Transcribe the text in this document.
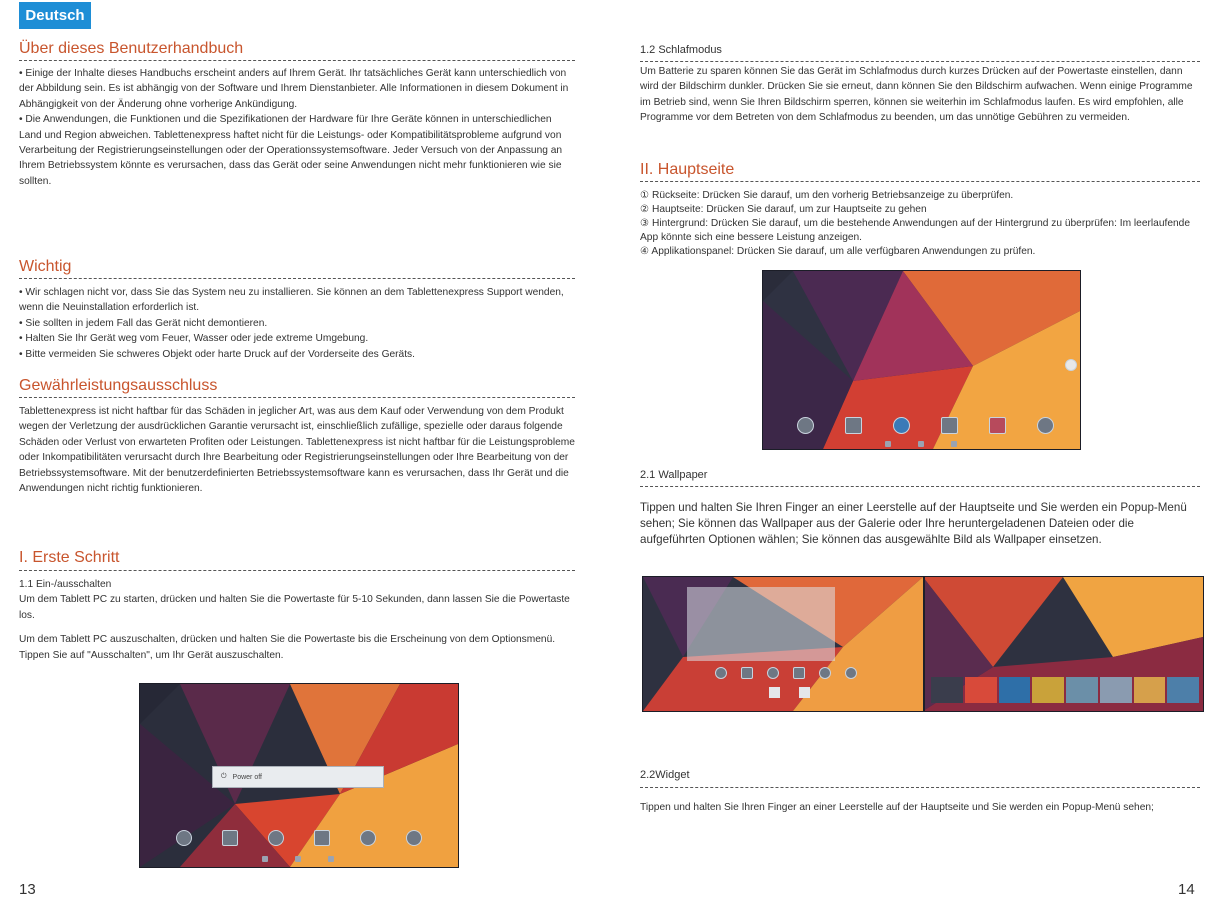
Deutsch
Über dieses Benutzerhandbuch

• Einige der Inhalte dieses Handbuchs erscheint anders auf Ihrem Gerät. Ihr tatsächliches Gerät kann unterschiedlich von der Abbildung sein. Es ist abhängig von der Software und Ihrem Dienstanbieter. Alle Informationen in diesem Dokument in Abhängigkeit von der Änderung ohne vorherige Ankündigung.

• Die Anwendungen, die Funktionen und die Spezifikationen der Hardware für Ihre Geräte können in unterschiedlichen Land und Region abweichen. Tablettenexpress haftet nicht für die Leistungs- oder Kompatibilitätsprobleme aufgrund von Verarbeitung der Registrierungseinstellungen oder der Operationssystemsoftware. Jeder Versuch von der Anpassung an Ihrem Betriebssystem könnte es verursachen, dass das Gerät oder seine Anwendungen nicht mehr funktionieren wie sie sollten.

Wichtig

• Wir schlagen nicht vor, dass Sie das System neu zu installieren. Sie können an dem Tablettenexpress Support wenden, wenn die Neuinstallation erforderlich ist.

• Sie sollten in jedem Fall das Gerät nicht demontieren.

• Halten Sie Ihr Gerät weg vom Feuer, Wasser oder jede extreme Umgebung.

• Bitte vermeiden Sie schweres Objekt oder harte Druck auf der Vorderseite des Geräts.

Gewährleistungsausschluss

Tablettenexpress ist nicht haftbar für das Schäden in jeglicher Art, was aus dem Kauf oder Verwendung von dem Produkt wegen der Verletzung der ausdrücklichen Garantie verursacht ist, einschließlich zufällige, spezielle oder daraus folgende Schäden oder Verlust von erwarteten Profiten oder Leistungen. Tablettenexpress ist nicht haftbar für die Leistungsprobleme oder Inkompatibilitäten verursacht durch Ihre Bearbeitung oder Registrierungseinstellungen oder Ihre Bearbeitung von der Betriebssystemsoftware. Mit der benutzerdefinierten Betriebssystemsoftware kann es verursachen, dass Ihr Gerät und die Anwendungen nicht richtig funktionieren.

I. Erste Schritt

1.1 Ein-/ausschalten

Um dem Tablett PC zu starten, drücken und halten Sie die Powertaste für 5-10 Sekunden, dann lassen Sie die Powertaste los.

Um dem Tablett PC auszuschalten, drücken und halten Sie die Powertaste bis die Erscheinung von dem Optionsmenü. Tippen Sie auf "Ausschalten", um Ihr Gerät auszuschalten.

⏻ Power off
13
1.2 Schlafmodus

Um Batterie zu sparen können Sie das Gerät im Schlafmodus durch kurzes Drücken auf der Powertaste einstellen, dann wird der Bildschirm dunkler. Drücken Sie sie erneut, dann können Sie den Bildschirm aufwachen. Wenn einige Programme im Betrieb sind, wenn Sie Ihren Bildschirm sperren, können sie weiterhin im Schlafmodus laufen. Es wird empfohlen, alle Programme vor dem Betreten von dem Schlafmodus zu beenden, um das unnötige Gebühren zu vermeiden.

II. Hauptseite

① Rückseite: Drücken Sie darauf, um den vorherig Betriebsanzeige zu überprüfen.

② Hauptseite: Drücken Sie darauf, um zur Hauptseite zu gehen

③ Hintergrund: Drücken Sie darauf, um die bestehende Anwendungen auf der Hintergrund zu überprüfen: Im leerlaufende App könnte sich eine bessere Leistung anzeigen.

④ Applikationspanel: Drücken Sie darauf, um alle verfügbaren Anwendungen zu prüfen.

2.1 Wallpaper

Tippen und halten Sie Ihren Finger an einer Leerstelle auf der Hauptseite und Sie werden ein Popup-Menü sehen; Sie können das Wallpaper aus der Galerie oder Ihre heruntergeladenen Dateien oder die aufgeführten Optionen wählen; Sie können das ausgewählte Bild als Wallpaper einsetzen.

2.2Widget

Tippen und halten Sie Ihren Finger an einer Leerstelle auf der Hauptseite und Sie werden ein Popup-Menü sehen;

14
